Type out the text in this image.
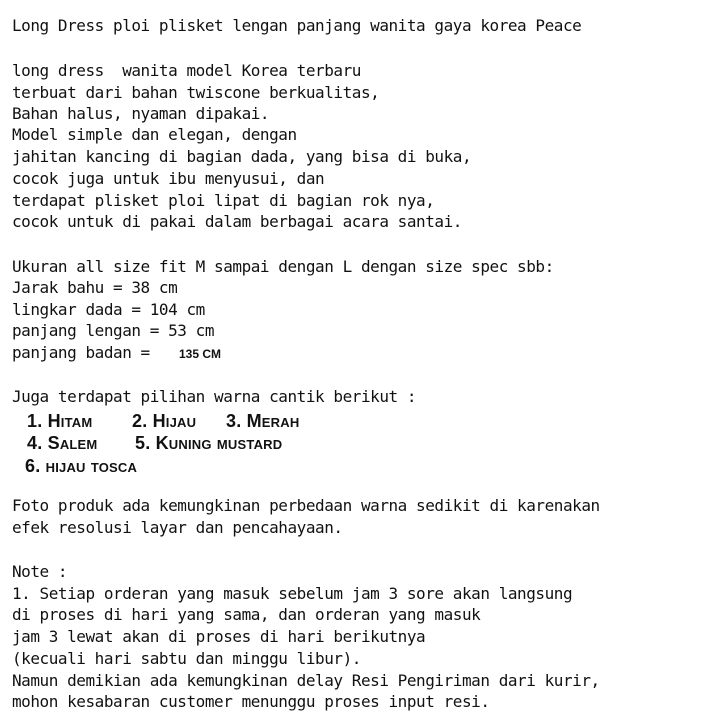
Long Dress ploi plisket lengan panjang wanita gaya korea Peace
long dress  wanita model Korea terbaru
terbuat dari bahan twiscone berkualitas,
Bahan halus, nyaman dipakai.
Model simple dan elegan, dengan
jahitan kancing di bagian dada, yang bisa di buka,
cocok juga untuk ibu menyusui, dan
terdapat plisket ploi lipat di bagian rok nya,
cocok untuk di pakai dalam berbagai acara santai.
Ukuran all size fit M sampai dengan L dengan size spec sbb:
Jarak bahu = 38 cm
lingkar dada = 104 cm
panjang lengan = 53 cm
panjang badan = 135 CM
Juga terdapat pilihan warna cantik berikut :
1. Hitam 2. Hijau 3. Merah
4. Salem 5. Kuning mustard
6. hijau tosca
Foto produk ada kemungkinan perbedaan warna sedikit di karenakan
efek resolusi layar dan pencahayaan.
Note :
1. Setiap orderan yang masuk sebelum jam 3 sore akan langsung
di proses di hari yang sama, dan orderan yang masuk
jam 3 lewat akan di proses di hari berikutnya
(kecuali hari sabtu dan minggu libur).
Namun demikian ada kemungkinan delay Resi Pengiriman dari kurir,
mohon kesabaran customer menunggu proses input resi.
